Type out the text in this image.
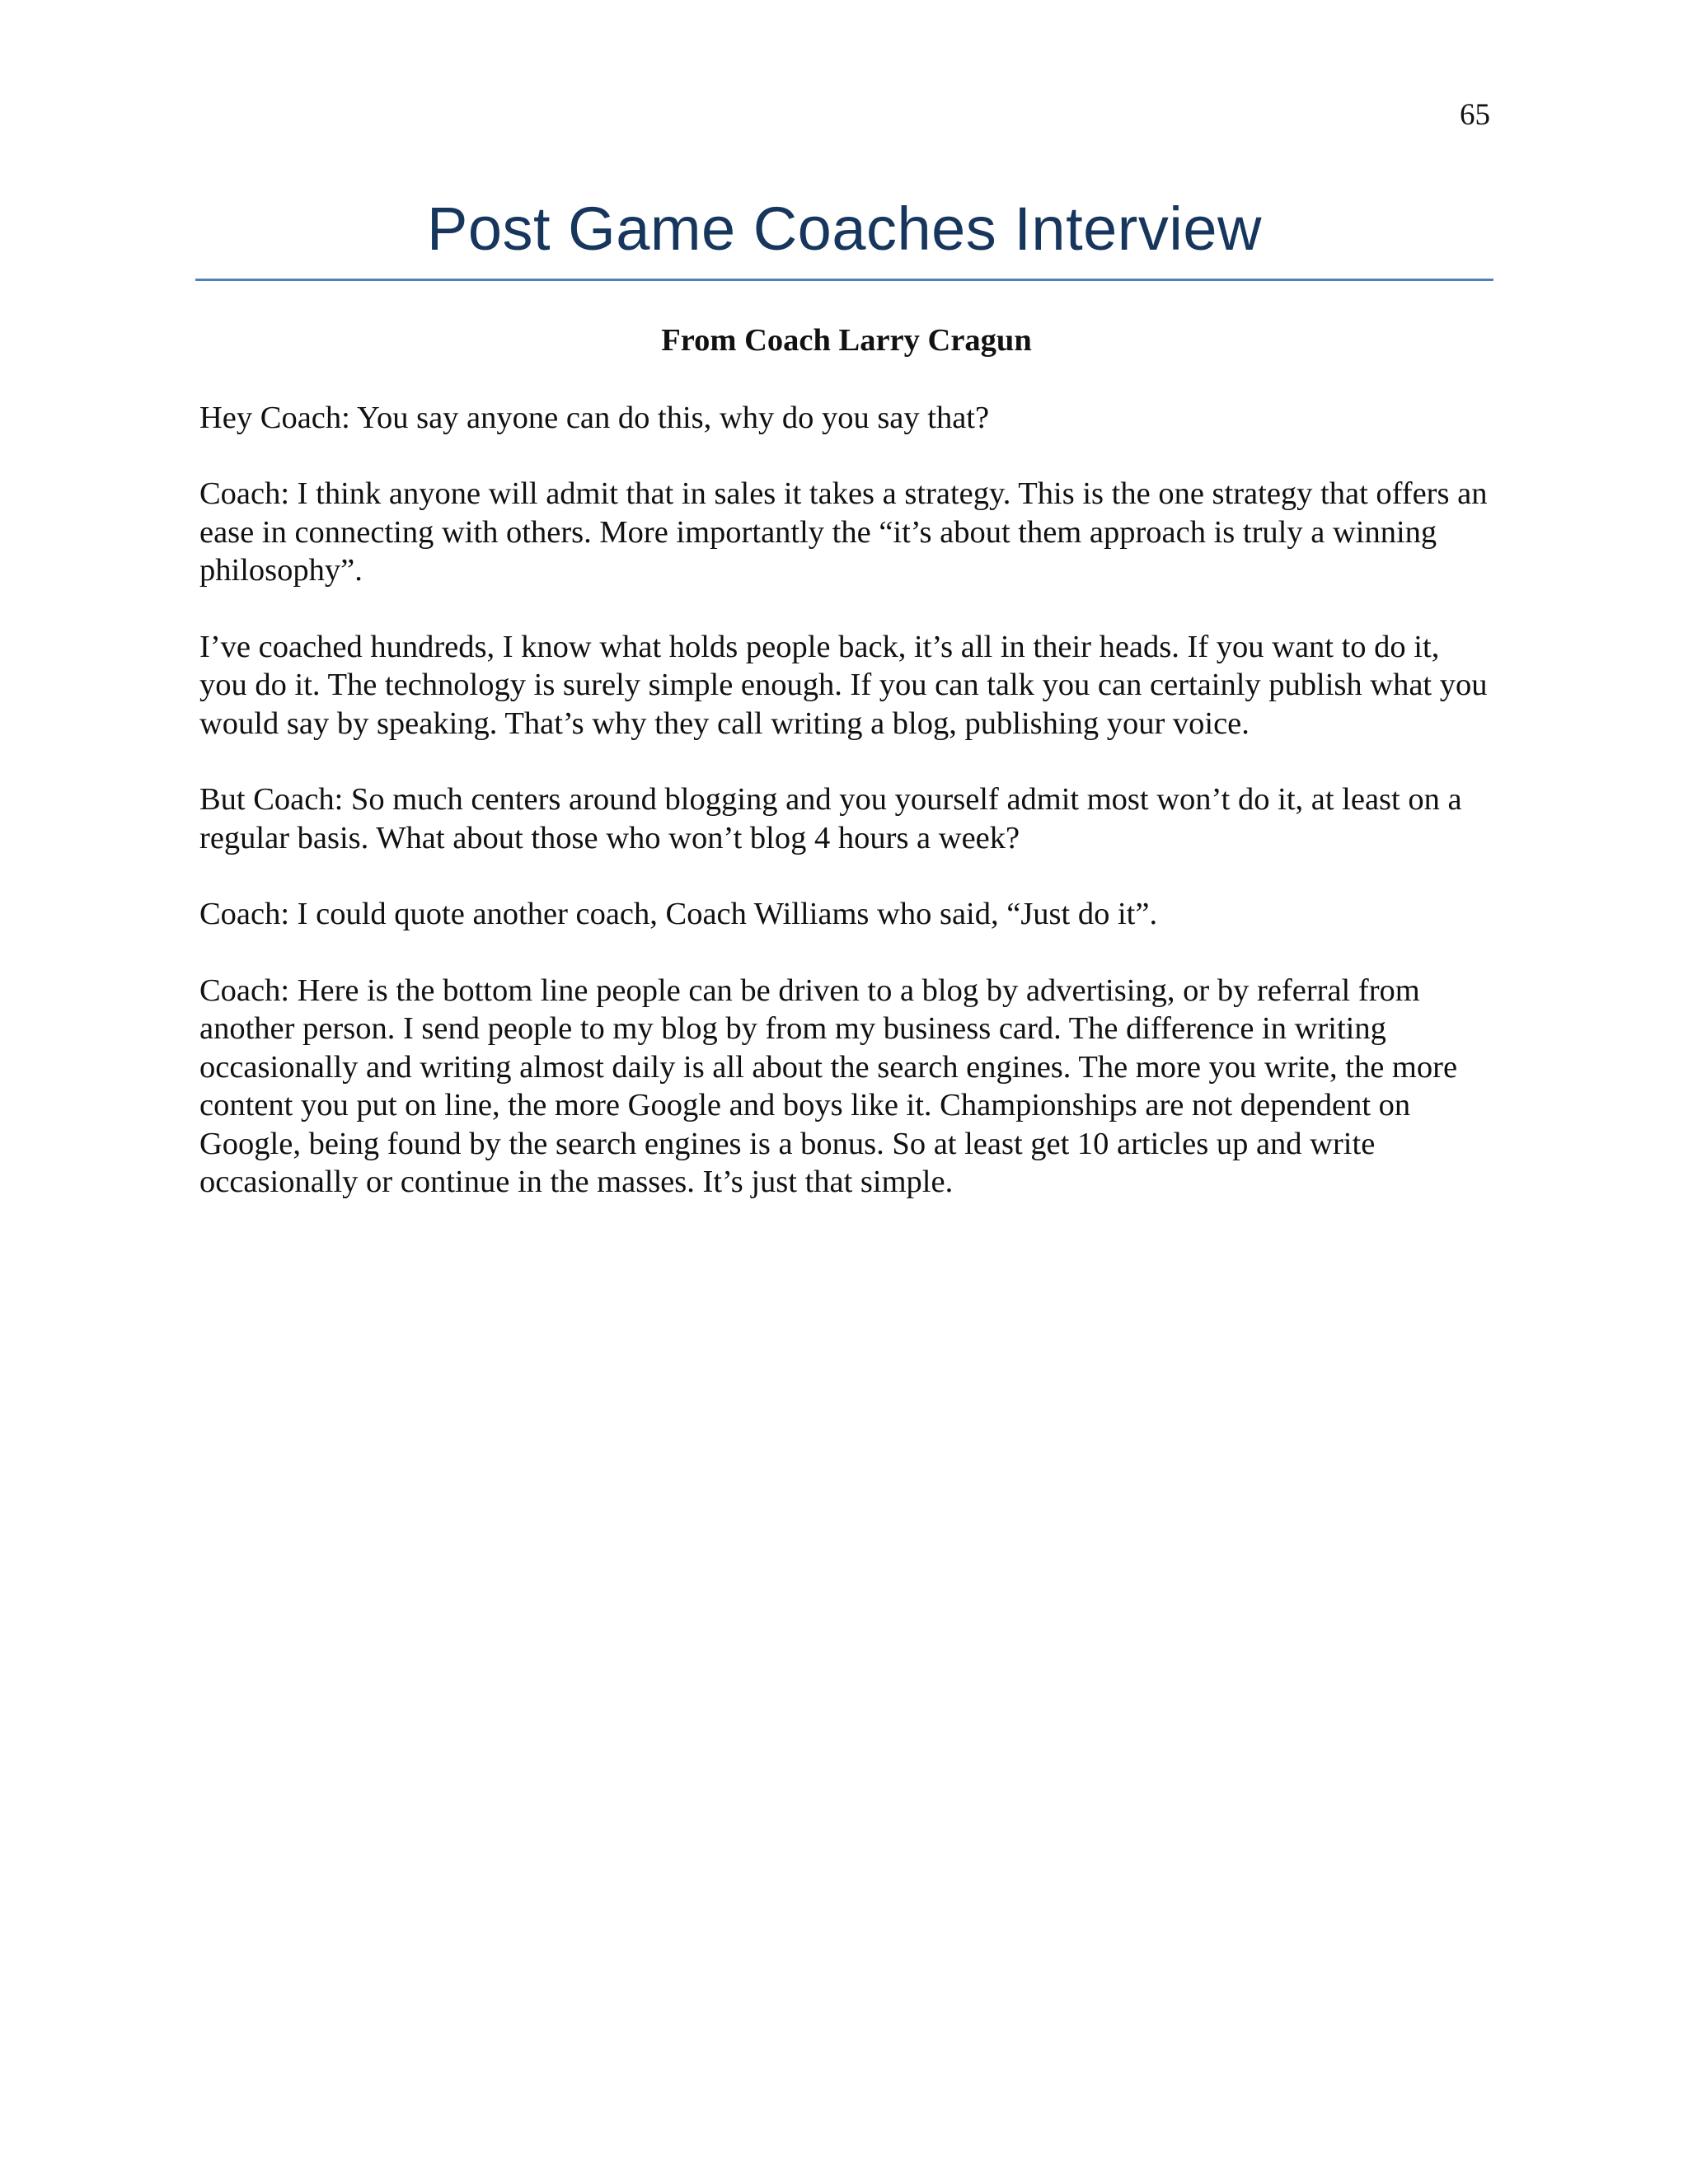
65

Post Game Coaches Interview

From Coach Larry Cragun

Hey Coach: You say anyone can do this, why do you say that?

Coach: I think anyone will admit that in sales it takes a strategy. This is the one strategy that offers an ease in connecting with others. More importantly the “it’s about them approach is truly a winning philosophy”.

I’ve coached hundreds, I know what holds people back, it’s all in their heads. If you want to do it, you do it. The technology is surely simple enough. If you can talk you can certainly publish what you would say by speaking. That’s why they call writing a blog, publishing your voice.

But Coach: So much centers around blogging and you yourself admit most won’t do it, at least on a regular basis. What about those who won’t blog 4 hours a week?

Coach: I could quote another coach, Coach Williams who said, “Just do it”.

Coach: Here is the bottom line people can be driven to a blog by advertising, or by referral from another person. I send people to my blog by from my business card. The difference in writing occasionally and writing almost daily is all about the search engines. The more you write, the more content you put on line, the more Google and boys like it. Championships are not dependent on Google, being found by the search engines is a bonus. So at least get 10 articles up and write occasionally or continue in the masses. It’s just that simple.
